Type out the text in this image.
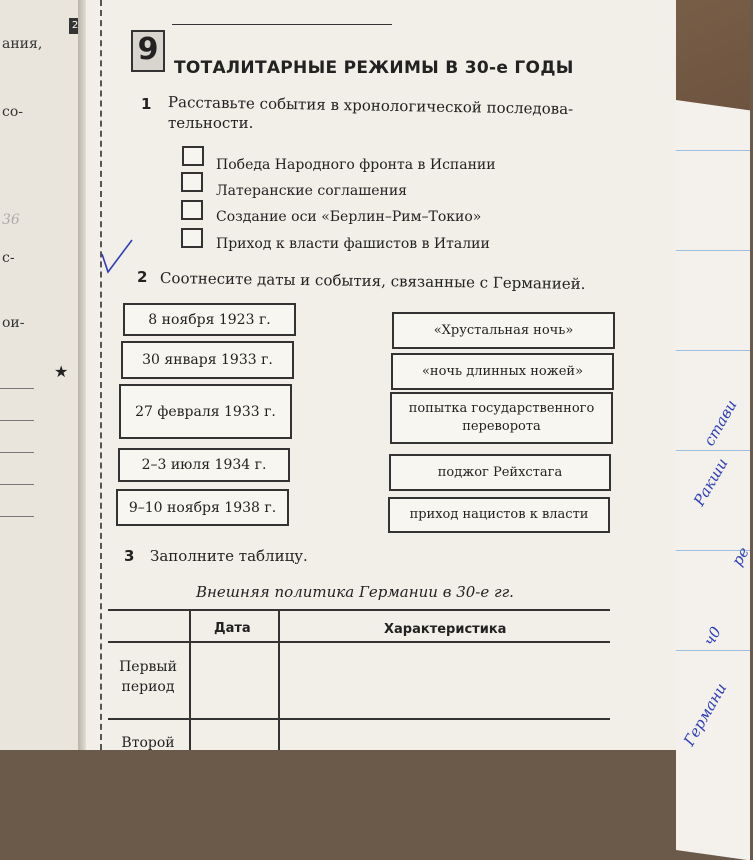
Ракши
стави
ре
ч0
Германи
ания,
со-
36
с-
ои-
2
★
9
ТОТАЛИТАРНЫЕ РЕЖИМЫ В 30-е ГОДЫ
1 Расставьте события в хронологической последова-
тельности.
Победа Народного фронта в Испании
Латеранские соглашения
Создание оси «Берлин–Рим–Токио»
Приход к власти фашистов в Италии
2 Соотнесите даты и события, связанные с Германией.
8 ноября 1923 г.
30 января 1933 г.
27 февраля 1933 г.
2–3 июля 1934 г.
9–10 ноября 1938 г.
«Хрустальная ночь»
«ночь длинных ножей»
попытка государственного переворота
поджог Рейхстага
приход нацистов к власти
3 Заполните таблицу.
Внешняя политика Германии в 30-е гг.
Дата	Характеристика
Первый период
Второй
